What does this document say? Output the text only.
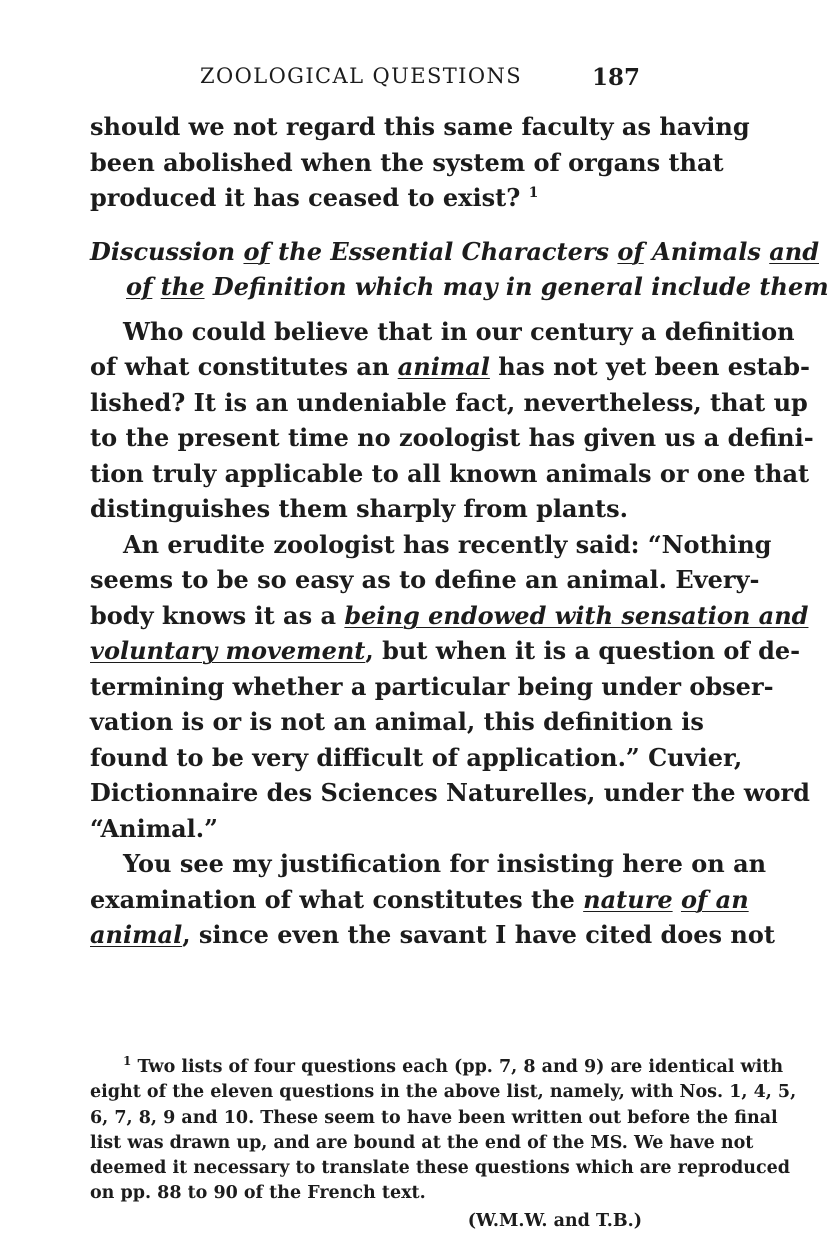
ZOOLOGICAL QUESTIONS	187
should we not regard this same faculty as having
been abolished when the system of organs that
produced it has ceased to exist? $^1$
Discussion of the Essential Characters of Animals and
of the Definition which may in general include them
Who could believe that in our century a definition
of what constitutes an animal has not yet been estab-
lished? It is an undeniable fact, nevertheless, that up
to the present time no zoologist has given us a defini-
tion truly applicable to all known animals or one that
distinguishes them sharply from plants.
An erudite zoologist has recently said: “Nothing
seems to be so easy as to define an animal. Every-
body knows it as a being endowed with sensation and
voluntary movement, but when it is a question of de-
termining whether a particular being under obser-
vation is or is not an animal, this definition is
found to be very difficult of application.” Cuvier,
Dictionnaire des Sciences Naturelles, under the word
“Animal.”
You see my justification for insisting here on an
examination of what constitutes the nature of an
animal, since even the savant I have cited does not
$^1$ Two lists of four questions each (pp. 7, 8 and 9) are identical with
eight of the eleven questions in the above list, namely, with Nos. 1, 4, 5,
6, 7, 8, 9 and 10. These seem to have been written out before the final
list was drawn up, and are bound at the end of the MS. We have not
deemed it necessary to translate these questions which are reproduced
on pp. 88 to 90 of the French text.
(W.M.W. and T.B.)
